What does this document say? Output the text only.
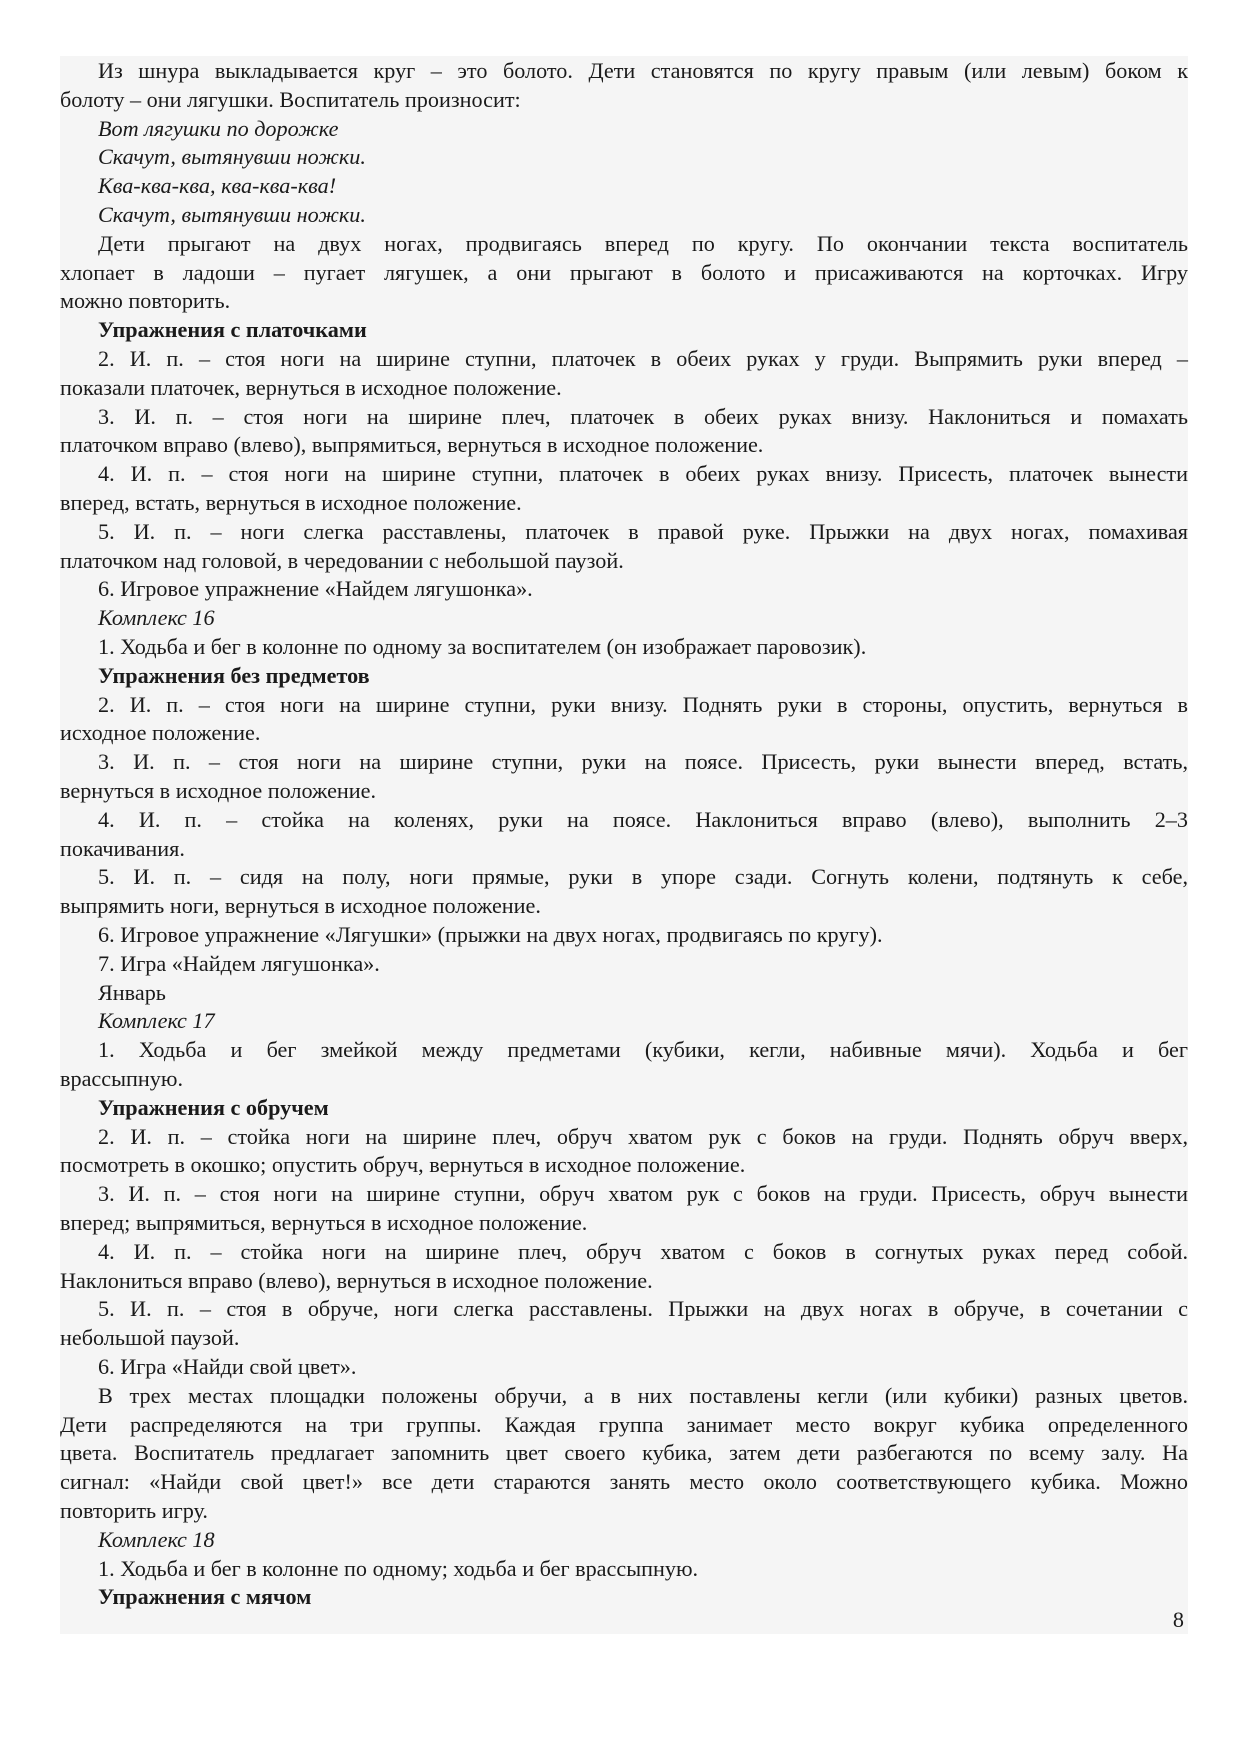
Из шнура выкладывается круг – это болото. Дети становятся по кругу правым (или левым) боком к
болоту – они лягушки. Воспитатель произносит:
Вот лягушки по дорожке
Скачут, вытянувши ножки.
Ква-ква-ква, ква-ква-ква!
Скачут, вытянувши ножки.
Дети прыгают на двух ногах, продвигаясь вперед по кругу. По окончании текста воспитатель
хлопает в ладоши – пугает лягушек, а они прыгают в болото и присаживаются на корточках. Игру
можно повторить.
Упражнения с платочками
2. И. п. – стоя ноги на ширине ступни, платочек в обеих руках у груди. Выпрямить руки вперед –
показали платочек, вернуться в исходное положение.
3. И. п. – стоя ноги на ширине плеч, платочек в обеих руках внизу. Наклониться и помахать
платочком вправо (влево), выпрямиться, вернуться в исходное положение.
4. И. п. – стоя ноги на ширине ступни, платочек в обеих руках внизу. Присесть, платочек вынести
вперед, встать, вернуться в исходное положение.
5. И. п. – ноги слегка расставлены, платочек в правой руке. Прыжки на двух ногах, помахивая
платочком над головой, в чередовании с небольшой паузой.
6. Игровое упражнение «Найдем лягушонка».
Комплекс 16
1. Ходьба и бег в колонне по одному за воспитателем (он изображает паровозик).
Упражнения без предметов
2. И. п. – стоя ноги на ширине ступни, руки внизу. Поднять руки в стороны, опустить, вернуться в
исходное положение.
3. И. п. – стоя ноги на ширине ступни, руки на поясе. Присесть, руки вынести вперед, встать,
вернуться в исходное положение.
4. И. п. – стойка на коленях, руки на поясе. Наклониться вправо (влево), выполнить 2–3
покачивания.
5. И. п. – сидя на полу, ноги прямые, руки в упоре сзади. Согнуть колени, подтянуть к себе,
выпрямить ноги, вернуться в исходное положение.
6. Игровое упражнение «Лягушки» (прыжки на двух ногах, продвигаясь по кругу).
7. Игра «Найдем лягушонка».
Январь
Комплекс 17
1. Ходьба и бег змейкой между предметами (кубики, кегли, набивные мячи). Ходьба и бег
врассыпную.
Упражнения с обручем
2. И. п. – стойка ноги на ширине плеч, обруч хватом рук с боков на груди. Поднять обруч вверх,
посмотреть в окошко; опустить обруч, вернуться в исходное положение.
3. И. п. – стоя ноги на ширине ступни, обруч хватом рук с боков на груди. Присесть, обруч вынести
вперед; выпрямиться, вернуться в исходное положение.
4. И. п. – стойка ноги на ширине плеч, обруч хватом с боков в согнутых руках перед собой.
Наклониться вправо (влево), вернуться в исходное положение.
5. И. п. – стоя в обруче, ноги слегка расставлены. Прыжки на двух ногах в обруче, в сочетании с
небольшой паузой.
6. Игра «Найди свой цвет».
В трех местах площадки положены обручи, а в них поставлены кегли (или кубики) разных цветов.
Дети распределяются на три группы. Каждая группа занимает место вокруг кубика определенного
цвета. Воспитатель предлагает запомнить цвет своего кубика, затем дети разбегаются по всему залу. На
сигнал: «Найди свой цвет!» все дети стараются занять место около соответствующего кубика. Можно
повторить игру.
Комплекс 18
1. Ходьба и бег в колонне по одному; ходьба и бег врассыпную.
Упражнения с мячом
8
